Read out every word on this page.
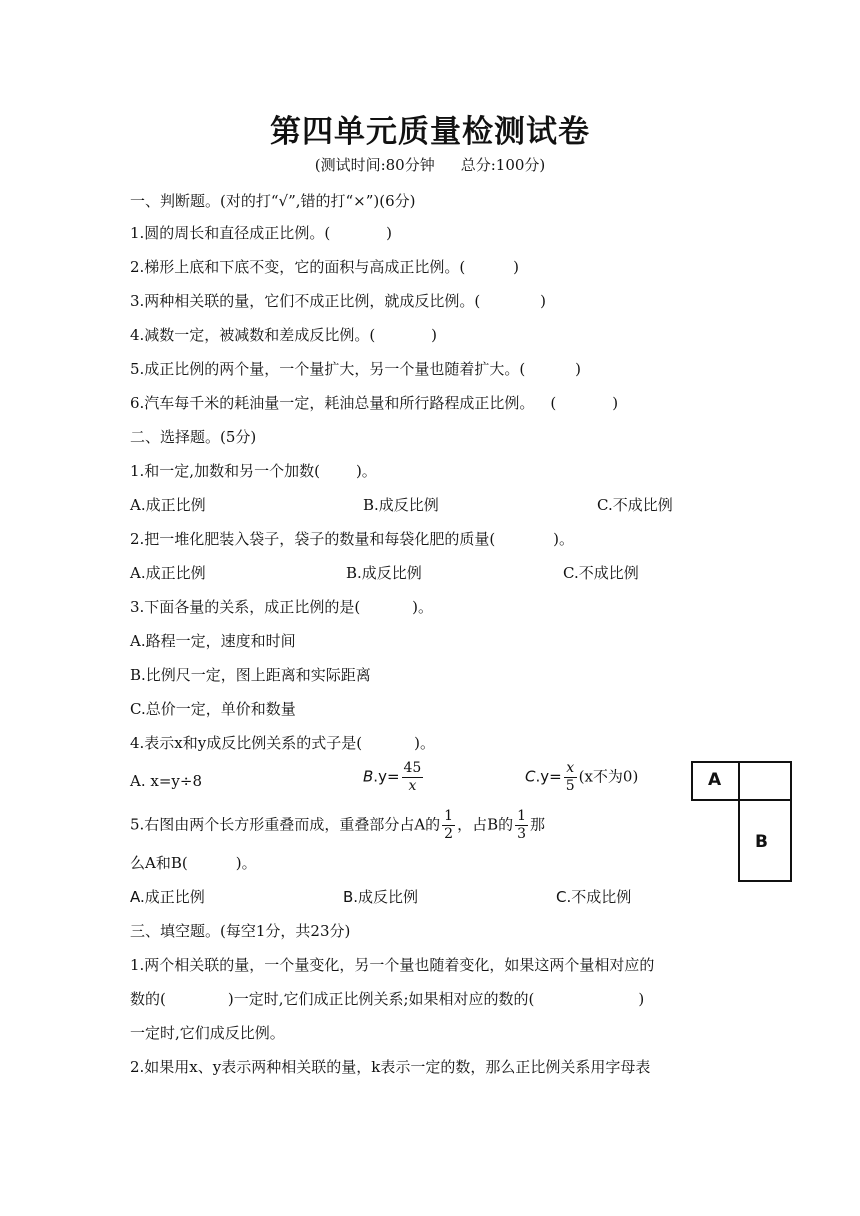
第四单元质量检测试卷
(测试时间:80分钟 总分:100分)
一、判断题。(对的打“√”,错的打“×”)(6分)
1.圆的周长和直径成正比例。(	)
2.梯形上底和下底不变，它的面积与高成正比例。(	)
3.两种相关联的量，它们不成正比例，就成反比例。(	)
4.减数一定，被减数和差成反比例。(	)
5.成正比例的两个量，一个量扩大，另一个量也随着扩大。(	)
6.汽车每千米的耗油量一定，耗油总量和所行路程成正比例。 (	)
二、选择题。(5分)
1.和一定,加数和另一个加数( )。
A.成正比例	B.成反比例	C.不成比例
2.把一堆化肥装入袋子，袋子的数量和每袋化肥的质量(	)。
A.成正比例	B.成反比例	C.不成比例
3.下面各量的关系，成正比例的是(	)。
A.路程一定，速度和时间
B.比例尺一定，图上距离和实际距离
C.总价一定，单价和数量
4.表示x和y成反比例关系的式子是(	)。
A. x=y÷8	$B.y= \frac{45}{x}$	$C.y= \frac{x}{5} (x$不为0)
5.右图由两个长方形重叠而成，重叠部分占A的 $\frac{1}{2}$ ，占B的 $\frac{1}{3}$ 那
么A和B(	)。
A.成正比例	B.成反比例	C.不成比例
A
B
三、填空题。(每空1分，共23分)
1.两个相关联的量，一个量变化，另一个量也随着变化，如果这两个量相对应的
数的(	)一定时,它们成正比例关系;如果相对应的数的(	)
一定时,它们成反比例。
2.如果用x、y表示两种相关联的量，k表示一定的数，那么正比例关系用字母表
